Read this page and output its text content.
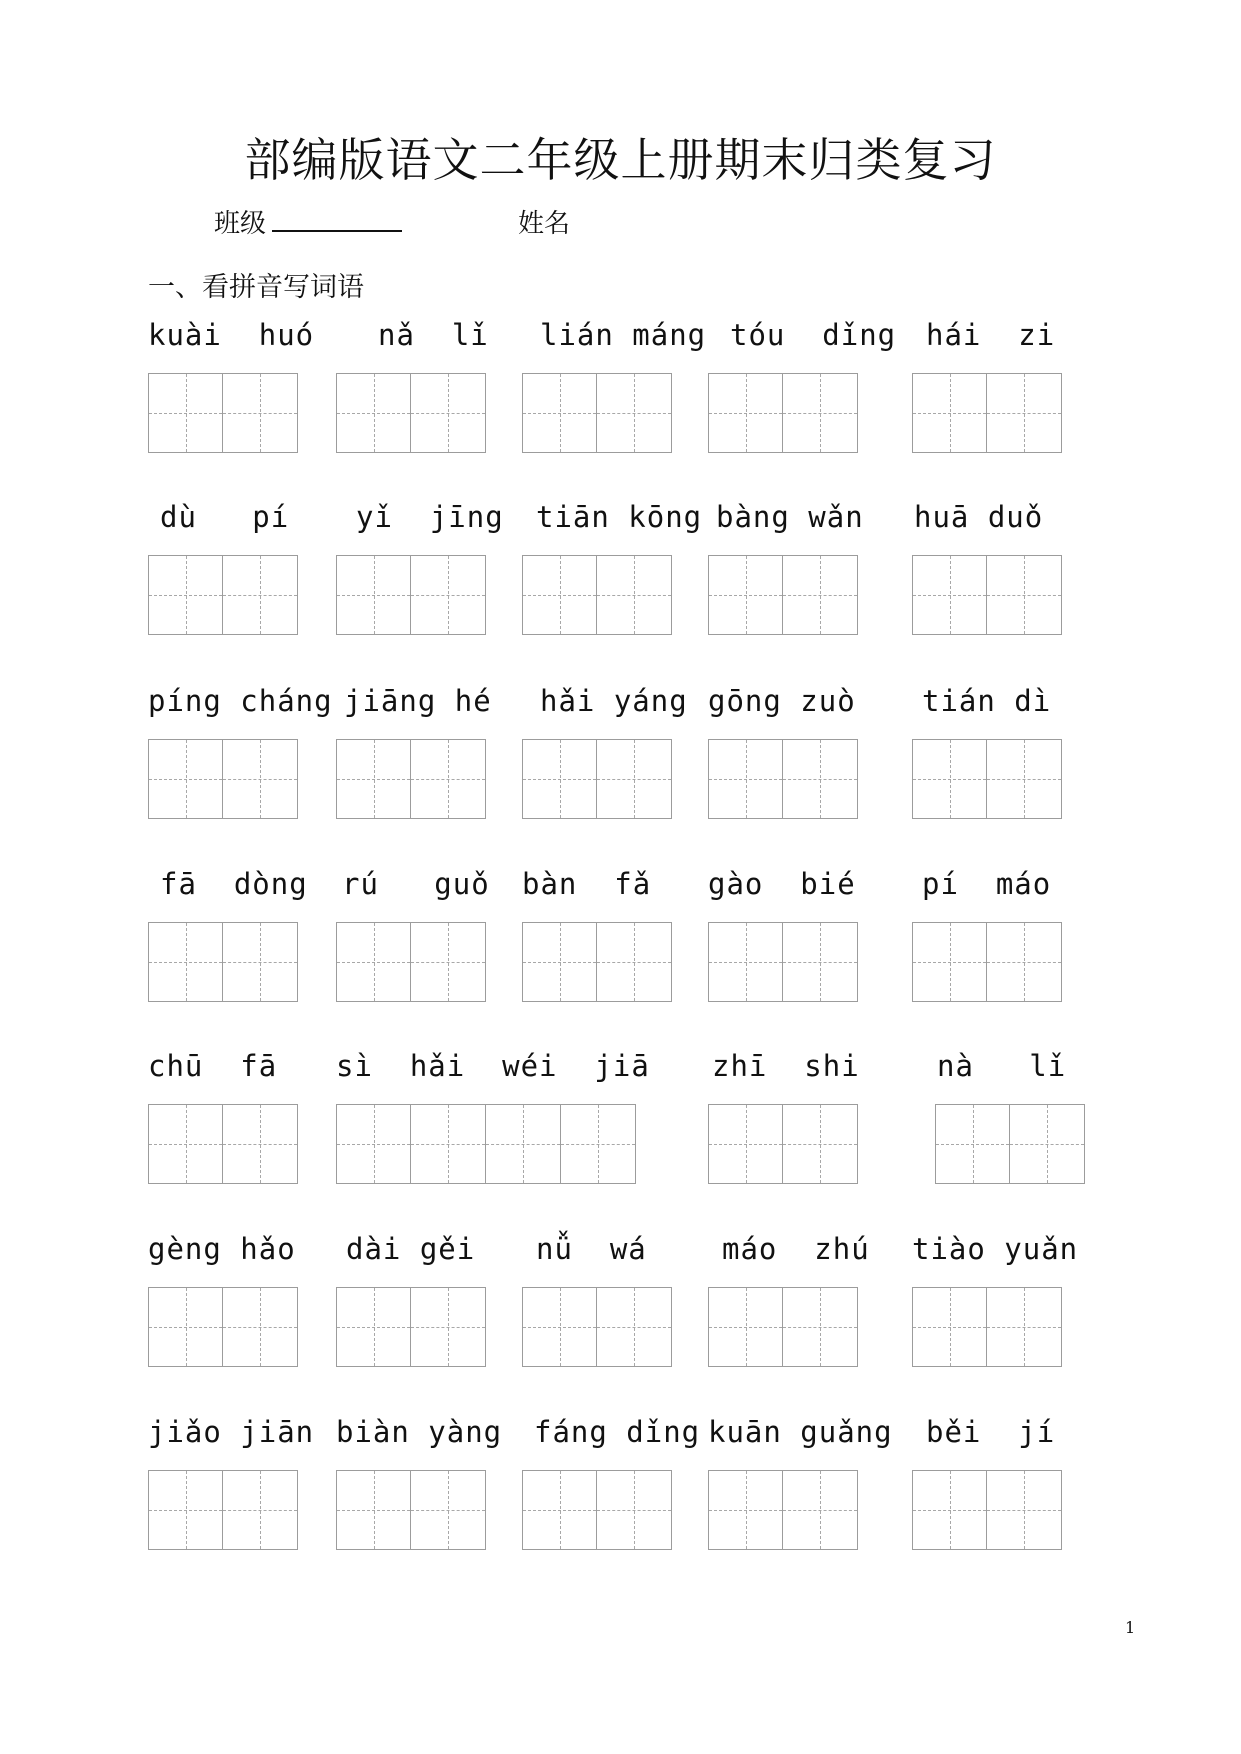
部编版语文二年级上册期末归类复习
班级	姓名
一、看拼音写词语
kuài  huó nǎ  lǐ lián máng tóu  dǐng hái  zi
dù   pí yǐ  jīng tiān kōng bàng wǎn huā duǒ
píng cháng jiāng hé hǎi yáng gōng zuò tián dì
fā  dòng rú   guǒ bàn  fǎ gào  bié pí  máo
chū  fā sì  hǎi  wéi  jiā zhī  shi	nà   lǐ
gèng hǎo dài gěi nǚ  wá	máo  zhú tiào yuǎn
jiǎo jiān biàn yàng fáng dǐng kuān guǎng běi  jí
1
